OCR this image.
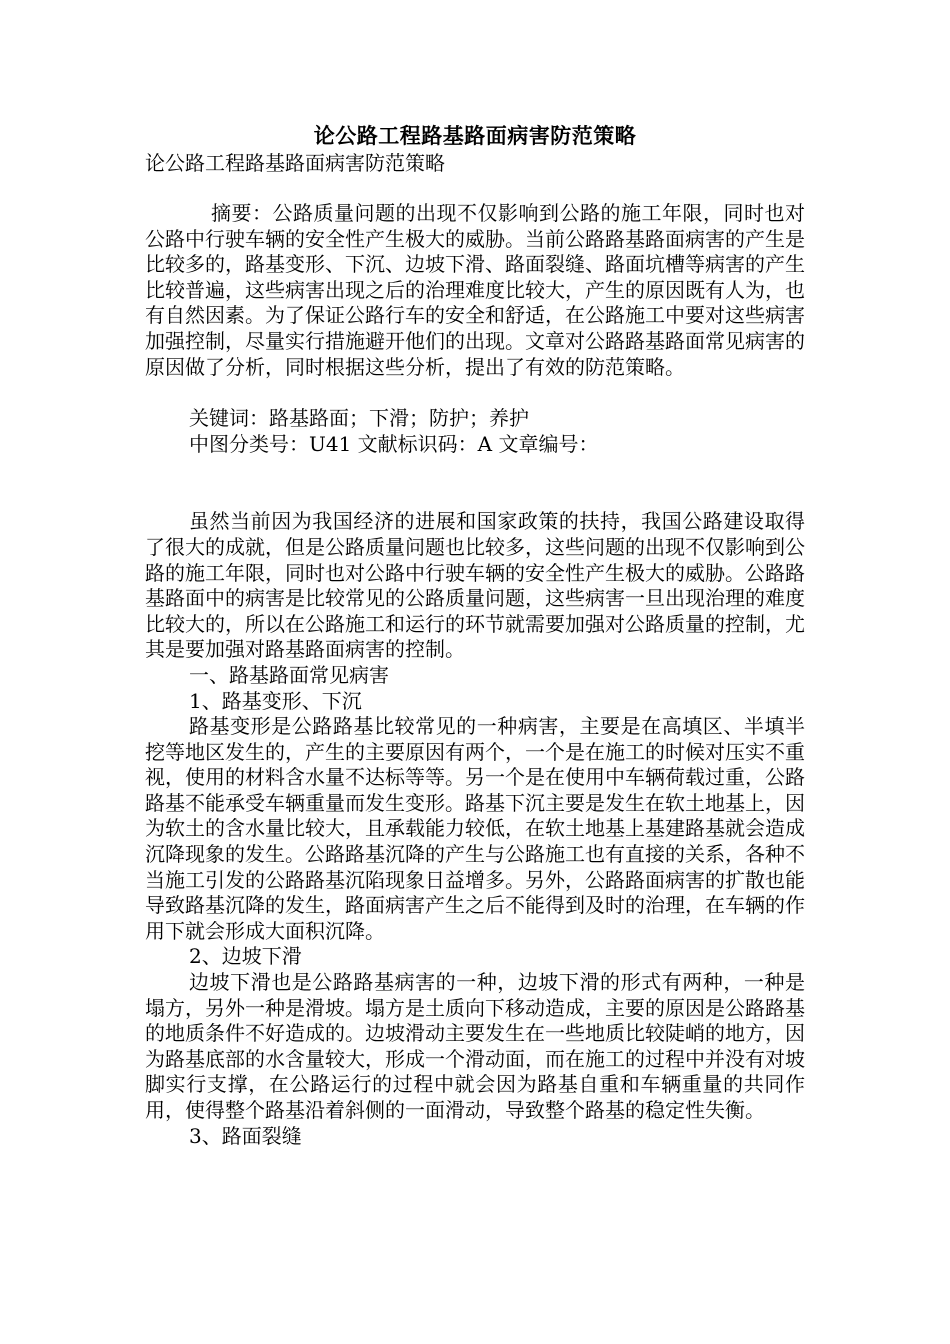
论公路工程路基路面病害防范策略

论公路工程路基路面病害防范策略

摘要：公路质量问题的出现不仅影响到公路的施工年限，同时也对公路中行驶车辆的安全性产生极大的威胁。当前公路路基路面病害的产生是比较多的，路基变形、下沉、边坡下滑、路面裂缝、路面坑槽等病害的产生比较普遍，这些病害出现之后的治理难度比较大，产生的原因既有人为，也有自然因素。为了保证公路行车的安全和舒适，在公路施工中要对这些病害加强控制，尽量实行措施避开他们的出现。文章对公路路基路面常见病害的原因做了分析，同时根据这些分析，提出了有效的防范策略。

关键词：路基路面；下滑；防护；养护

中图分类号：U41 文献标识码：A 文章编号：

虽然当前因为我国经济的进展和国家政策的扶持，我国公路建设取得了很大的成就，但是公路质量问题也比较多，这些问题的出现不仅影响到公路的施工年限，同时也对公路中行驶车辆的安全性产生极大的威胁。公路路基路面中的病害是比较常见的公路质量问题，这些病害一旦出现治理的难度比较大的，所以在公路施工和运行的环节就需要加强对公路质量的控制，尤其是要加强对路基路面病害的控制。

一、路基路面常见病害

1、路基变形、下沉

路基变形是公路路基比较常见的一种病害，主要是在高填区、半填半挖等地区发生的，产生的主要原因有两个，一个是在施工的时候对压实不重视，使用的材料含水量不达标等等。另一个是在使用中车辆荷载过重，公路路基不能承受车辆重量而发生变形。路基下沉主要是发生在软土地基上，因为软土的含水量比较大，且承载能力较低，在软土地基上基建路基就会造成沉降现象的发生。公路路基沉降的产生与公路施工也有直接的关系，各种不当施工引发的公路路基沉陷现象日益增多。另外，公路路面病害的扩散也能导致路基沉降的发生，路面病害产生之后不能得到及时的治理，在车辆的作用下就会形成大面积沉降。

2、边坡下滑

边坡下滑也是公路路基病害的一种，边坡下滑的形式有两种，一种是塌方，另外一种是滑坡。塌方是土质向下移动造成，主要的原因是公路路基的地质条件不好造成的。边坡滑动主要发生在一些地质比较陡峭的地方，因为路基底部的水含量较大，形成一个滑动面，而在施工的过程中并没有对坡脚实行支撑，在公路运行的过程中就会因为路基自重和车辆重量的共同作用，使得整个路基沿着斜侧的一面滑动，导致整个路基的稳定性失衡。

3、路面裂缝
